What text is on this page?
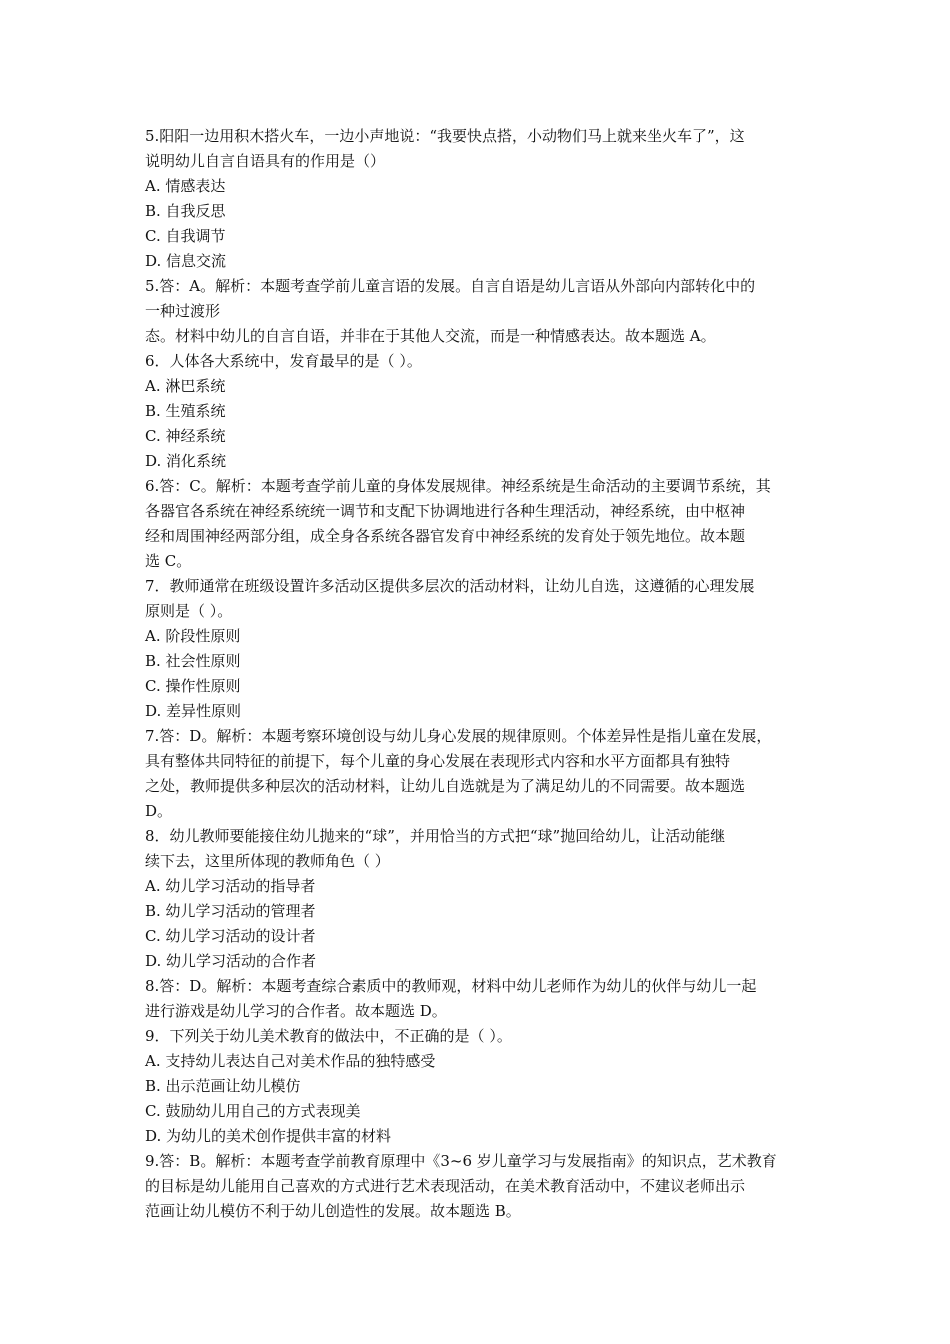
5.阳阳一边用积木搭火车，一边小声地说：“我要快点搭，小动物们马上就来坐火车了”，这
说明幼儿自言自语具有的作用是（）
A. 情感表达
B. 自我反思
C. 自我调节
D. 信息交流
5.答：A。解析：本题考查学前儿童言语的发展。自言自语是幼儿言语从外部向内部转化中的
一种过渡形
态。材料中幼儿的自言自语，并非在于其他人交流，而是一种情感表达。故本题选 A。
6．人体各大系统中，发育最早的是（ ）。
A. 淋巴系统
B. 生殖系统
C. 神经系统
D. 消化系统
6.答：C。解析：本题考查学前儿童的身体发展规律。神经系统是生命活动的主要调节系统，其
各器官各系统在神经系统统一调节和支配下协调地进行各种生理活动，神经系统，由中枢神
经和周围神经两部分组，成全身各系统各器官发育中神经系统的发育处于领先地位。故本题
选 C。
7．教师通常在班级设置许多活动区提供多层次的活动材料，让幼儿自选，这遵循的心理发展
原则是（ ）。
A. 阶段性原则
B. 社会性原则
C. 操作性原则
D. 差异性原则
7.答：D。解析：本题考察环境创设与幼儿身心发展的规律原则。个体差异性是指儿童在发展，
具有整体共同特征的前提下，每个儿童的身心发展在表现形式内容和水平方面都具有独特
之处，教师提供多种层次的活动材料，让幼儿自选就是为了满足幼儿的不同需要。故本题选
D。
8．幼儿教师要能接住幼儿抛来的“球”，并用恰当的方式把“球”抛回给幼儿，让活动能继
续下去，这里所体现的教师角色（ ）
A. 幼儿学习活动的指导者
B. 幼儿学习活动的管理者
C. 幼儿学习活动的设计者
D. 幼儿学习活动的合作者
8.答：D。解析：本题考查综合素质中的教师观，材料中幼儿老师作为幼儿的伙伴与幼儿一起
进行游戏是幼儿学习的合作者。故本题选 D。
9．下列关于幼儿美术教育的做法中，不正确的是（ ）。
A. 支持幼儿表达自己对美术作品的独特感受
B. 出示范画让幼儿模仿
C. 鼓励幼儿用自己的方式表现美
D. 为幼儿的美术创作提供丰富的材料
9.答：B。解析：本题考查学前教育原理中《3~6 岁儿童学习与发展指南》的知识点，艺术教育
的目标是幼儿能用自己喜欢的方式进行艺术表现活动，在美术教育活动中，不建议老师出示
范画让幼儿模仿不利于幼儿创造性的发展。故本题选 B。
